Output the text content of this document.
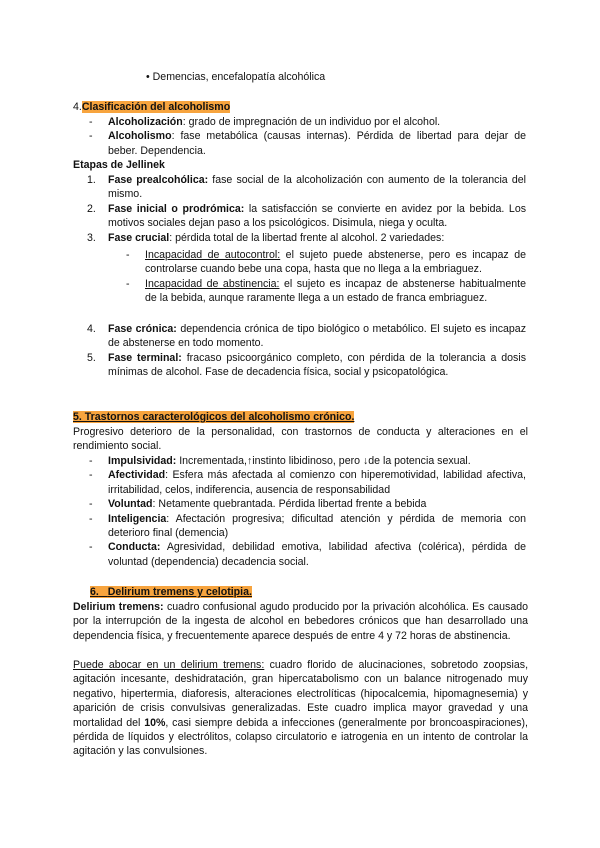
• Demencias, encefalopatía alcohólica
4.Clasificación del alcoholismo
- Alcoholización: grado de impregnación de un individuo por el alcohol.
- Alcoholismo: fase metabólica (causas internas). Pérdida de libertad para dejar de beber. Dependencia.
Etapas de Jellinek
1. Fase prealcohólica: fase social de la alcoholización con aumento de la tolerancia del mismo.
2. Fase inicial o prodrómica: la satisfacción se convierte en avidez por la bebida. Los motivos sociales dejan paso a los psicológicos. Disimula, niega y oculta.
3. Fase crucial: pérdida total de la libertad frente al alcohol. 2 variedades:
- Incapacidad de autocontrol: el sujeto puede abstenerse, pero es incapaz de controlarse cuando bebe una copa, hasta que no llega a la embriaguez.
- Incapacidad de abstinencia: el sujeto es incapaz de abstenerse habitualmente de la bebida, aunque raramente llega a un estado de franca embriaguez.
4. Fase crónica: dependencia crónica de tipo biológico o metabólico. El sujeto es incapaz de abstenerse en todo momento.
5. Fase terminal: fracaso psicoorgánico completo, con pérdida de la tolerancia a dosis mínimas de alcohol. Fase de decadencia física, social y psicopatológica.
5. Trastornos caracterológicos del alcoholismo crónico.
Progresivo deterioro de la personalidad, con trastornos de conducta y alteraciones en el rendimiento social.
- Impulsividad: Incrementada,↑instinto libidinoso, pero ↓de la potencia sexual.
- Afectividad: Esfera más afectada al comienzo con hiperemotividad, labilidad afectiva, irritabilidad, celos, indiferencia, ausencia de responsabilidad
- Voluntad: Netamente quebrantada. Pérdida libertad frente a bebida
- Inteligencia: Afectación progresiva; dificultad atención y pérdida de memoria con deterioro final (demencia)
- Conducta: Agresividad, debilidad emotiva, labilidad afectiva (colérica), pérdida de voluntad (dependencia) decadencia social.
6. Delirium tremens y celotipia.
Delirium tremens: cuadro confusional agudo producido por la privación alcohólica. Es causado por la interrupción de la ingesta de alcohol en bebedores crónicos que han desarrollado una dependencia física, y frecuentemente aparece después de entre 4 y 72 horas de abstinencia.
Puede abocar en un delirium tremens: cuadro florido de alucinaciones, sobretodo zoopsias, agitación incesante, deshidratación, gran hipercatabolismo con un balance nitrogenado muy negativo, hipertermia, diaforesis, alteraciones electrolíticas (hipocalcemia, hipomagnesemia) y aparición de crisis convulsivas generalizadas. Este cuadro implica mayor gravedad y una mortalidad del 10%, casi siempre debida a infecciones (generalmente por broncoaspiraciones), pérdida de líquidos y electrólitos, colapso circulatorio e iatrogenia en un intento de controlar la agitación y las convulsiones.
